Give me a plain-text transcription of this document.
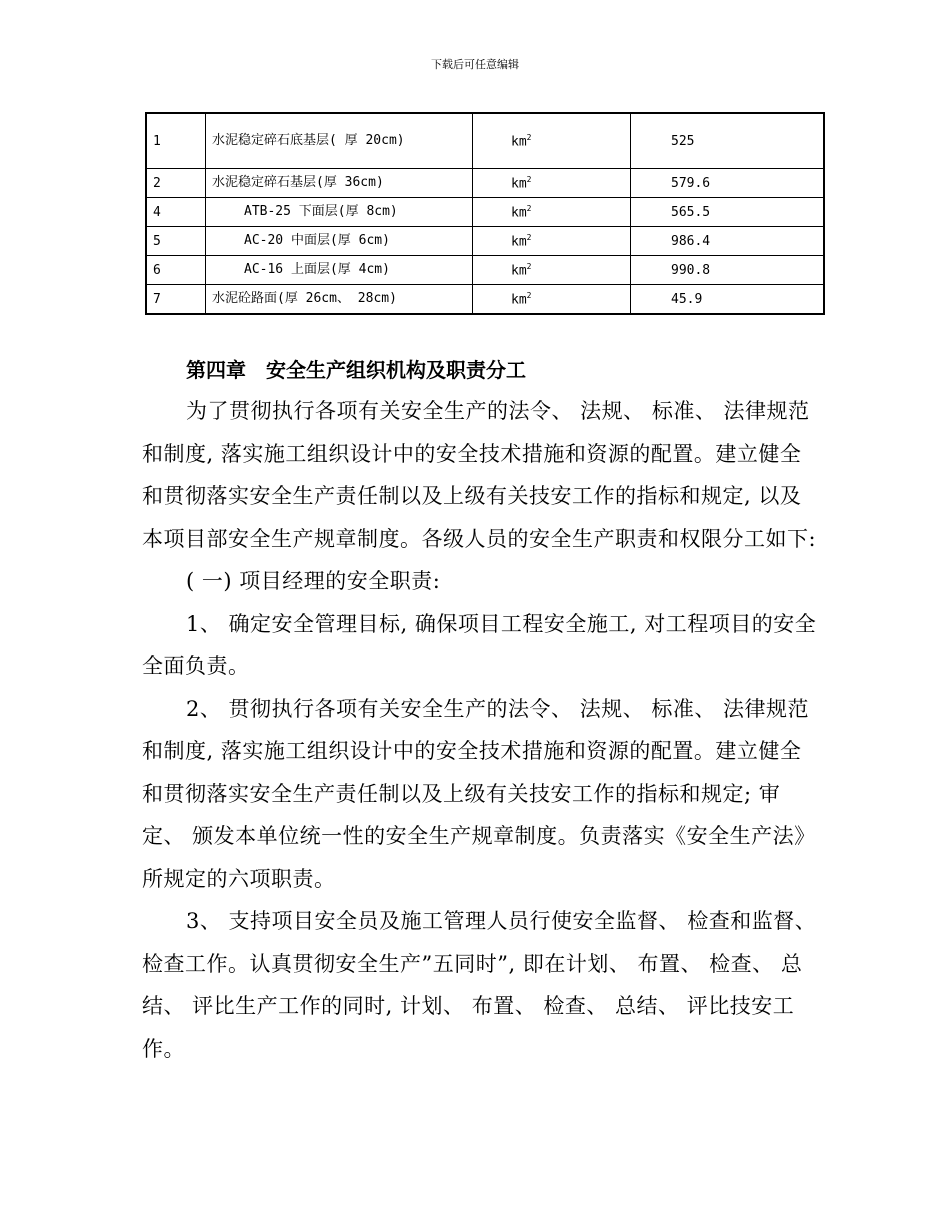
下载后可任意编辑
1	水泥稳定碎石底基层( 厚 20cm)	$km^2$	525
2	水泥稳定碎石基层(厚 36cm)	$km^2$	579.6
4	ATB-25 下面层(厚 8cm)	$km^2$	565.5
5	AC-20 中面层(厚 6cm)	$km^2$	986.4
6	AC-16 上面层(厚 4cm)	$km^2$	990.8
7	水泥砼路面(厚 26cm、 28cm)	$km^2$	45.9
第四章　安全生产组织机构及职责分工

为了贯彻执行各项有关安全生产的法令、 法规、 标准、 法律规范和制度, 落实施工组织设计中的安全技术措施和资源的配置。建立健全和贯彻落实安全生产责任制以及上级有关技安工作的指标和规定, 以及本项目部安全生产规章制度。各级人员的安全生产职责和权限分工如下:

( 一) 项目经理的安全职责:

1、 确定安全管理目标, 确保项目工程安全施工, 对工程项目的安全全面负责。

2、 贯彻执行各项有关安全生产的法令、 法规、 标准、 法律规范和制度, 落实施工组织设计中的安全技术措施和资源的配置。建立健全和贯彻落实安全生产责任制以及上级有关技安工作的指标和规定; 审定、 颁发本单位统一性的安全生产规章制度。负责落实《安全生产法》所规定的六项职责。

3、 支持项目安全员及施工管理人员行使安全监督、 检查和监督、 检查工作。认真贯彻安全生产”五同时”, 即在计划、 布置、 检查、 总结、 评比生产工作的同时, 计划、 布置、 检查、 总结、 评比技安工作。
